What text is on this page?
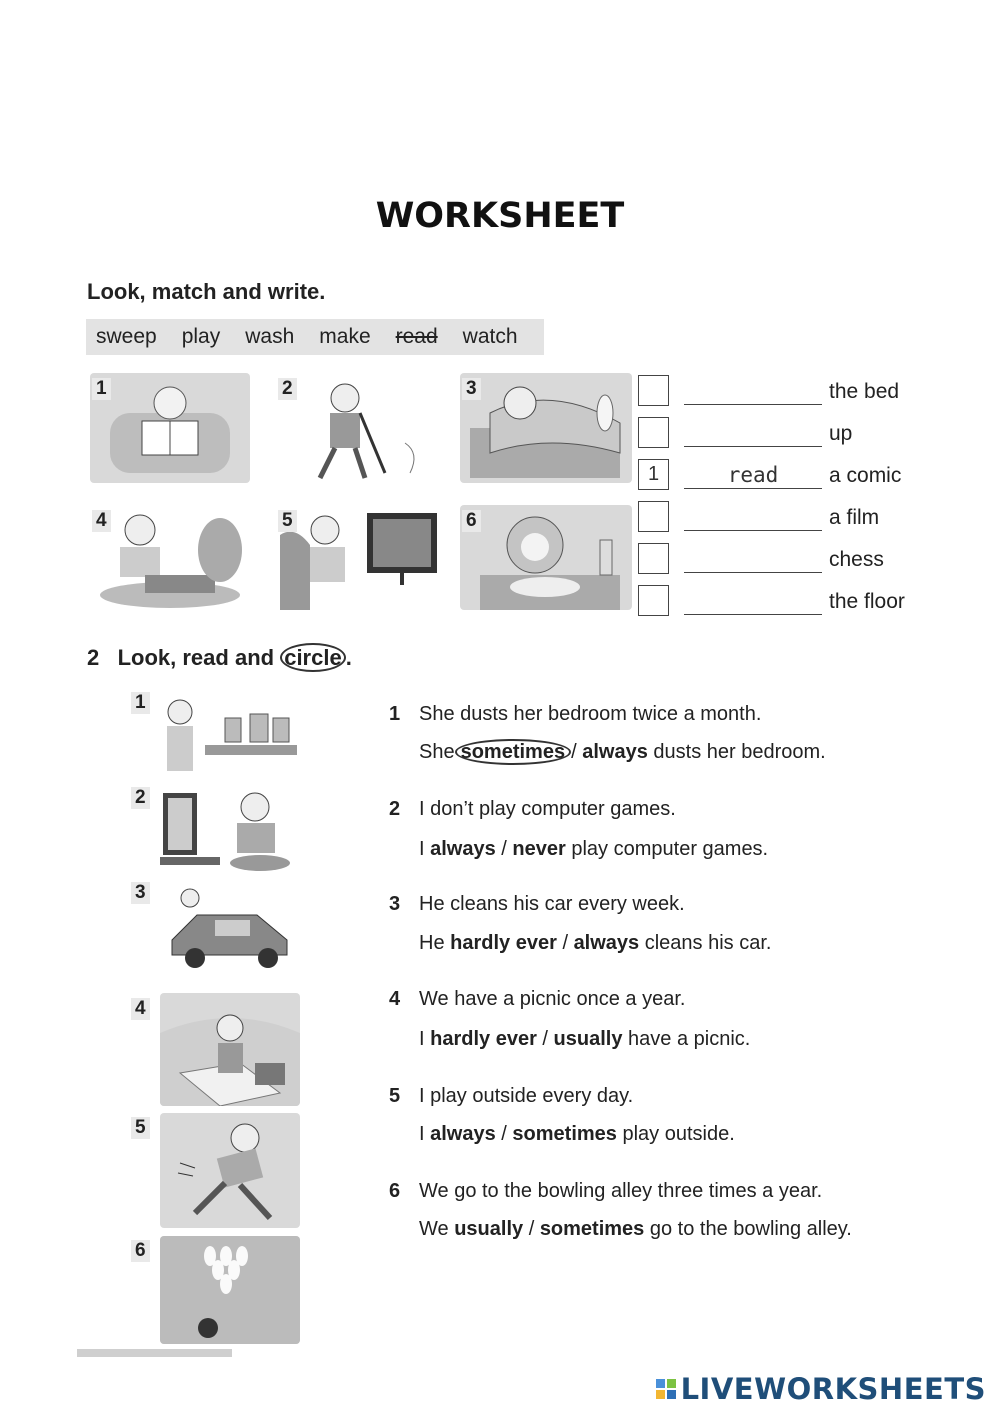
WORKSHEET
Look, match and write.
sweep play wash make read watch
1	2	3
4	5	6
the bed
up
1	read	a comic
a film
chess
the floor
2 Look, read and circle .
1
2
3
4
5
6
1 She dusts her bedroom twice a month.
She sometimes / always dusts her bedroom.
2 I don’t play computer games.
I always / never play computer games.
3 He cleans his car every week.
He hardly ever / always cleans his car.
4 We have a picnic once a year.
I hardly ever / usually have a picnic.
5 I play outside every day.
I always / sometimes play outside.
6 We go to the bowling alley three times a year.
We usually / sometimes go to the bowling alley.
LIVEWORKSHEETS
